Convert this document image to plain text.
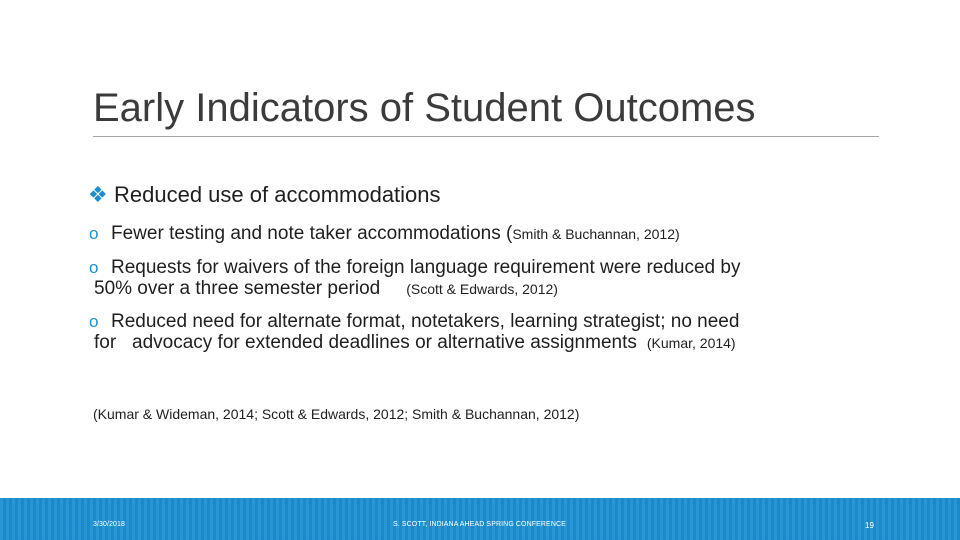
Early Indicators of Student Outcomes
❖ Reduced use of accommodations
o Fewer testing and note taker accommodations (Smith & Buchannan, 2012)
o Requests for waivers of the foreign language requirement were reduced by
50% over a three semester period (Scott & Edwards, 2012)
o Reduced need for alternate format, notetakers, learning strategist; no need
for   advocacy for extended deadlines or alternative assignments (Kumar, 2014)
(Kumar & Wideman, 2014; Scott & Edwards, 2012; Smith & Buchannan, 2012)
3/30/2018	S. SCOTT, INDIANA AHEAD SPRING CONFERENCE	19
